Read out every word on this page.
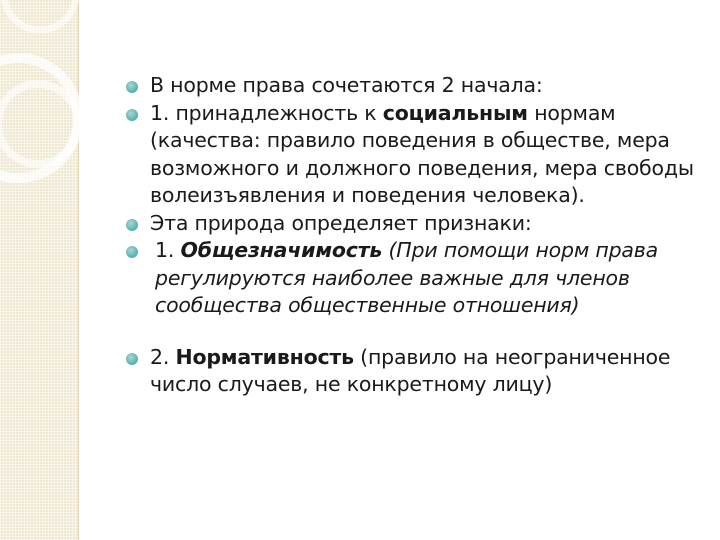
В норме права сочетаются 2 начала:
1. принадлежность к социальным нормам (качества: правило поведения в обществе, мера возможного и должного поведения, мера свободы волеизъявления и поведения человека).
Эта природа определяет признаки:
1. Общезначимость (При помощи норм права регулируются наиболее важные для членов сообщества общественные отношения)
2. Нормативность (правило на неограниченное число случаев, не конкретному лицу)
